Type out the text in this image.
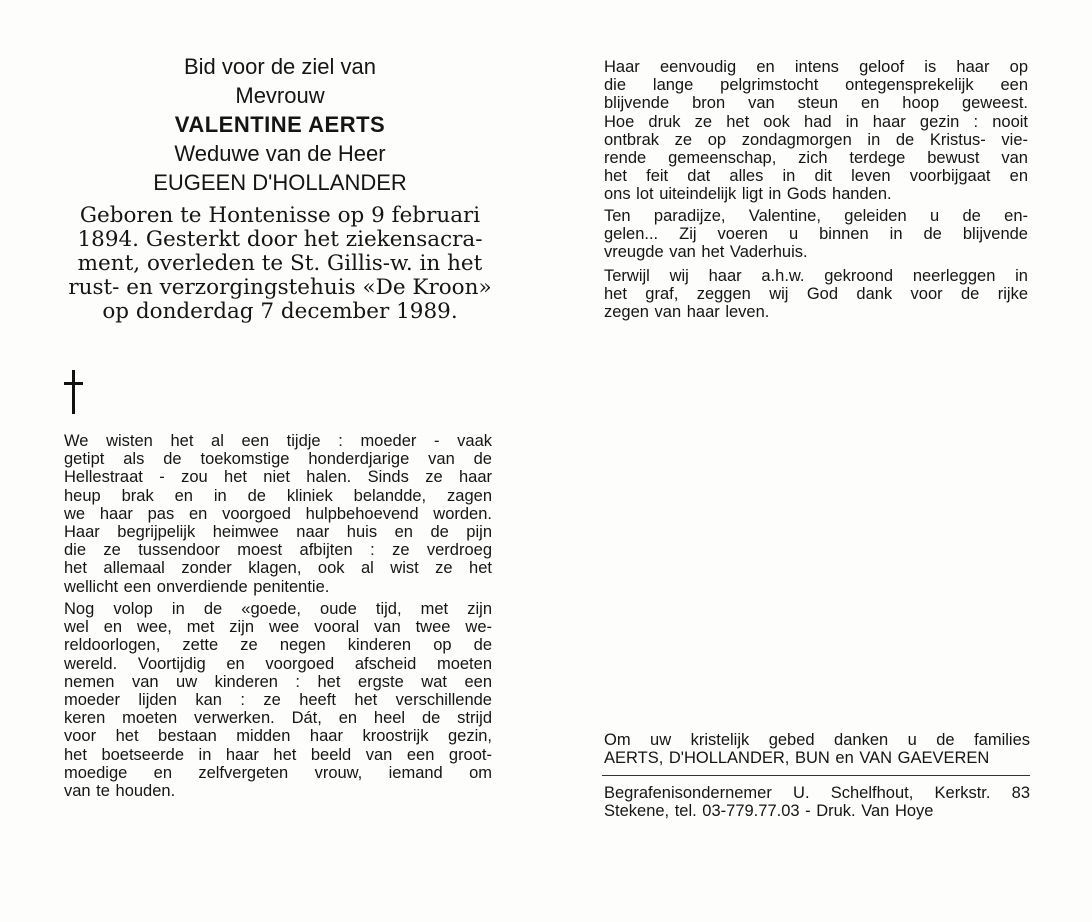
Bid voor de ziel van
Mevrouw
VALENTINE AERTS
Weduwe van de Heer
EUGEEN D'HOLLANDER
Geboren te Hontenisse op 9 februari
1894. Gesterkt door het ziekensacra-
ment, overleden te St. Gillis-w. in het
rust- en verzorgingstehuis «De Kroon»
op donderdag 7 december 1989.
We wisten het al een tijdje : moeder - vaak
getipt als de toekomstige honderdjarige van de
Hellestraat - zou het niet halen. Sinds ze haar
heup brak en in de kliniek belandde, zagen
we haar pas en voorgoed hulpbehoevend worden.
Haar begrijpelijk heimwee naar huis en de pijn
die ze tussendoor moest afbijten : ze verdroeg
het allemaal zonder klagen, ook al wist ze het
wellicht een onverdiende penitentie.
Nog volop in de «goede, oude tijd, met zijn
wel en wee, met zijn wee vooral van twee we-
reldoorlogen, zette ze negen kinderen op de
wereld. Voortijdig en voorgoed afscheid moeten
nemen van uw kinderen : het ergste wat een
moeder lijden kan : ze heeft het verschillende
keren moeten verwerken. Dát, en heel de strijd
voor het bestaan midden haar kroostrijk gezin,
het boetseerde in haar het beeld van een groot-
moedige en zelfvergeten vrouw, iemand om
van te houden.
Haar eenvoudig en intens geloof is haar op
die lange pelgrimstocht ontegensprekelijk een
blijvende bron van steun en hoop geweest.
Hoe druk ze het ook had in haar gezin : nooit
ontbrak ze op zondagmorgen in de Kristus- vie-
rende gemeenschap, zich terdege bewust van
het feit dat alles in dit leven voorbijgaat en
ons lot uiteindelijk ligt in Gods handen.
Ten paradijze, Valentine, geleiden u de en-
gelen... Zij voeren u binnen in de blijvende
vreugde van het Vaderhuis.
Terwijl wij haar a.h.w. gekroond neerleggen in
het graf, zeggen wij God dank voor de rijke
zegen van haar leven.
Om uw kristelijk gebed danken u de families
AERTS, D'HOLLANDER, BUN en VAN GAEVEREN
Begrafenisondernemer U. Schelfhout, Kerkstr. 83
Stekene, tel. 03-779.77.03 - Druk. Van Hoye
